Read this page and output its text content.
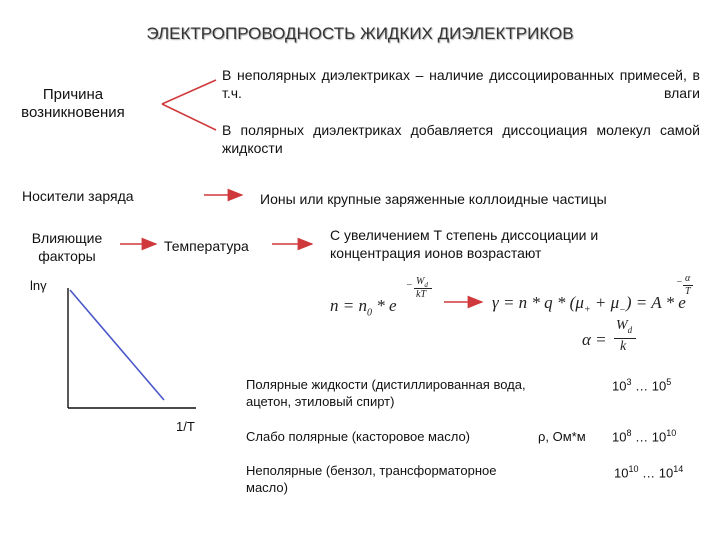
ЭЛЕКТРОПРОВОДНОСТЬ ЖИДКИХ ДИЭЛЕКТРИКОВ
Причина
возникновения
В неполярных диэлектриках – наличие диссоциированных примесей, в т.ч. влаги
В полярных диэлектриках добавляется диссоциация молекул самой жидкости
Носители заряда	Ионы или крупные заряженные коллоидные частицы
Влияющие
факторы
Температура
С увеличением Т степень диссоциации и концентрация ионов возрастают
lnγ
1/T
$n = n_0 * e$
− $W_d$
kT	$\gamma = n * q * (\mu_+ + \mu_-) = A * e$
− α
T
α =
$W_d$
k
Полярные жидкости (дистиллированная вода, ацетон, этиловый спирт)
$10^3$ … $10^5$
Слабо полярные (касторовое масло)	ρ, Ом*м $10^8$ … $10^{10}$
Неполярные (бензол, трансформаторное масло)
$10^{10}$ … $10^{14}$
